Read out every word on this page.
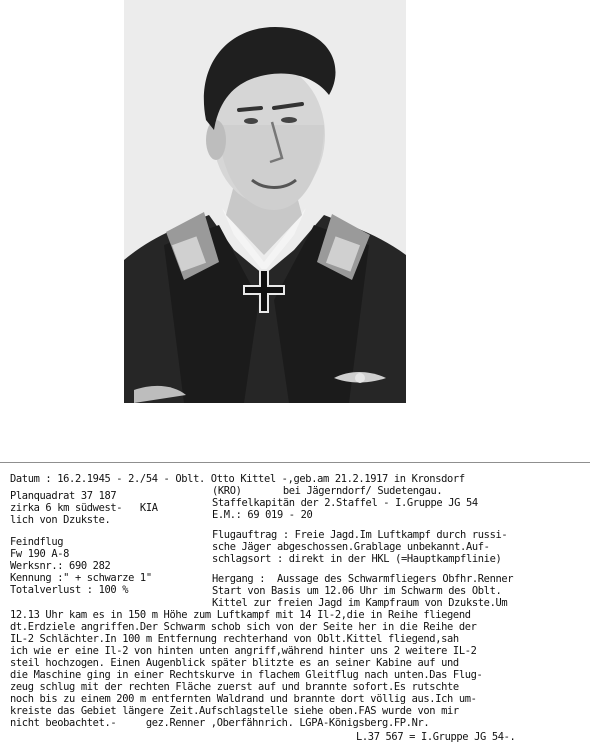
Datum : 16.2.1945 - 2./54 - Oblt. Otto Kittel -,geb.am 21.2.1917 in Kronsdorf
Planquadrat 37 187
zirka 6 km südwest-   KIA
lich von Dzukste.
Feindflug
Fw 190 A-8
Werksnr.: 690 282
Kennung :" + schwarze 1"
Totalverlust : 100 %
(KRO)       bei Jägerndorf/ Sudetengau.
Staffelkapitän der 2.Staffel - I.Gruppe JG 54
E.M.: 69 019 - 20
Flugauftrag : Freie Jagd.Im Luftkampf durch russi-
sche Jäger abgeschossen.Grablage unbekannt.Auf-
schlagsort : direkt in der HKL (=Hauptkampflinie)
Hergang :  Aussage des Schwarmfliegers Obfhr.Renner
Start von Basis um 12.06 Uhr im Schwarm des Oblt.
Kittel zur freien Jagd im Kampfraum von Dzukste.Um
12.13 Uhr kam es in 150 m Höhe zum Luftkampf mit 14 Il-2,die in Reihe fliegend
dt.Erdziele angriffen.Der Schwarm schob sich von der Seite her in die Reihe der
IL-2 Schlächter.In 100 m Entfernung rechterhand von Oblt.Kittel fliegend,sah
ich wie er eine Il-2 von hinten unten angriff,während hinter uns 2 weitere IL-2
steil hochzogen. Einen Augenblick später blitzte es an seiner Kabine auf und
die Maschine ging in einer Rechtskurve in flachem Gleitflug nach unten.Das Flug-
zeug schlug mit der rechten Fläche zuerst auf und brannte sofort.Es rutschte
noch bis zu einem 200 m entfernten Waldrand und brannte dort völlig aus.Ich um-
kreiste das Gebiet längere Zeit.Aufschlagstelle siehe oben.FAS wurde von mir
nicht beobachtet.-     gez.Renner ,Oberfähnrich. LGPA-Königsberg.FP.Nr.
L.37 567 = I.Gruppe JG 54-.
